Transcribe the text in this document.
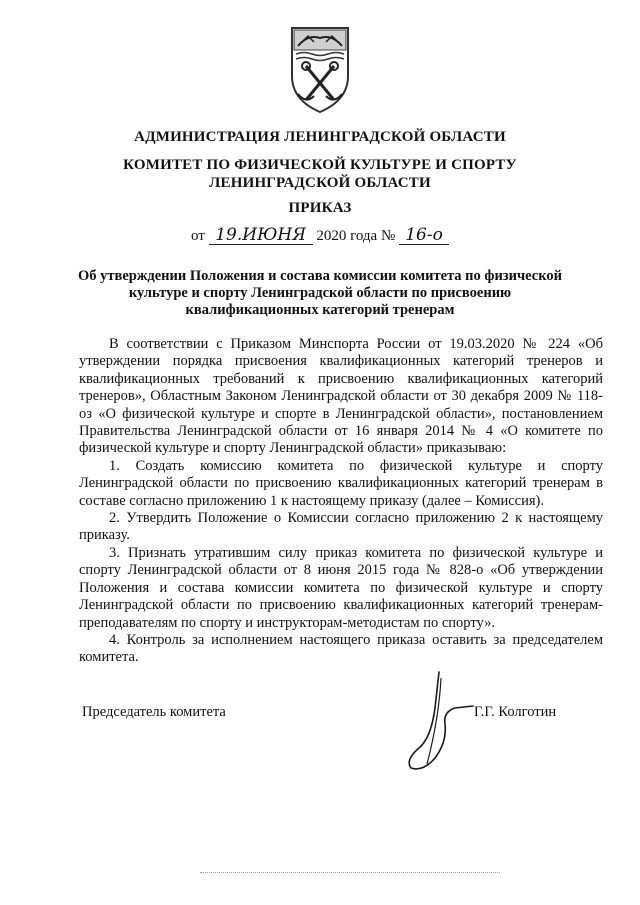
АДМИНИСТРАЦИЯ ЛЕНИНГРАДСКОЙ ОБЛАСТИ
КОМИТЕТ ПО ФИЗИЧЕСКОЙ КУЛЬТУРЕ И СПОРТУ
ЛЕНИНГРАДСКОЙ ОБЛАСТИ
ПРИКАЗ
от 19.ИЮНЯ 2020 года № 16-о
Об утверждении Положения и состава комиссии комитета по физической культуре и спорту Ленинградской области по присвоению квалификационных категорий тренерам

В соответствии с Приказом Минспорта России от 19.03.2020 № 224 «Об утверждении порядка присвоения квалификационных категорий тренеров и квалификационных требований к присвоению квалификационных категорий тренеров», Областным Законом Ленинградской области от 30 декабря 2009 № 118-оз «О физической культуре и спорте в Ленинградской области», постановлением Правительства Ленинградской области от 16 января 2014 № 4 «О комитете по физической культуре и спорту Ленинградской области» приказываю:

1. Создать комиссию комитета по физической культуре и спорту Ленинградской области по присвоению квалификационных категорий тренерам в составе согласно приложению 1 к настоящему приказу (далее – Комиссия).

2. Утвердить Положение о Комиссии согласно приложению 2 к настоящему приказу.

3. Признать утратившим силу приказ комитета по физической культуре и спорту Ленинградской области от 8 июня 2015 года № 828-о «Об утверждении Положения и состава комиссии комитета по физической культуре и спорту Ленинградской области по присвоению квалификационных категорий тренерам-преподавателям по спорту и инструкторам-методистам по спорту».

4. Контроль за исполнением настоящего приказа оставить за председателем комитета.

Председатель комитета	Г.Г. Колготин
